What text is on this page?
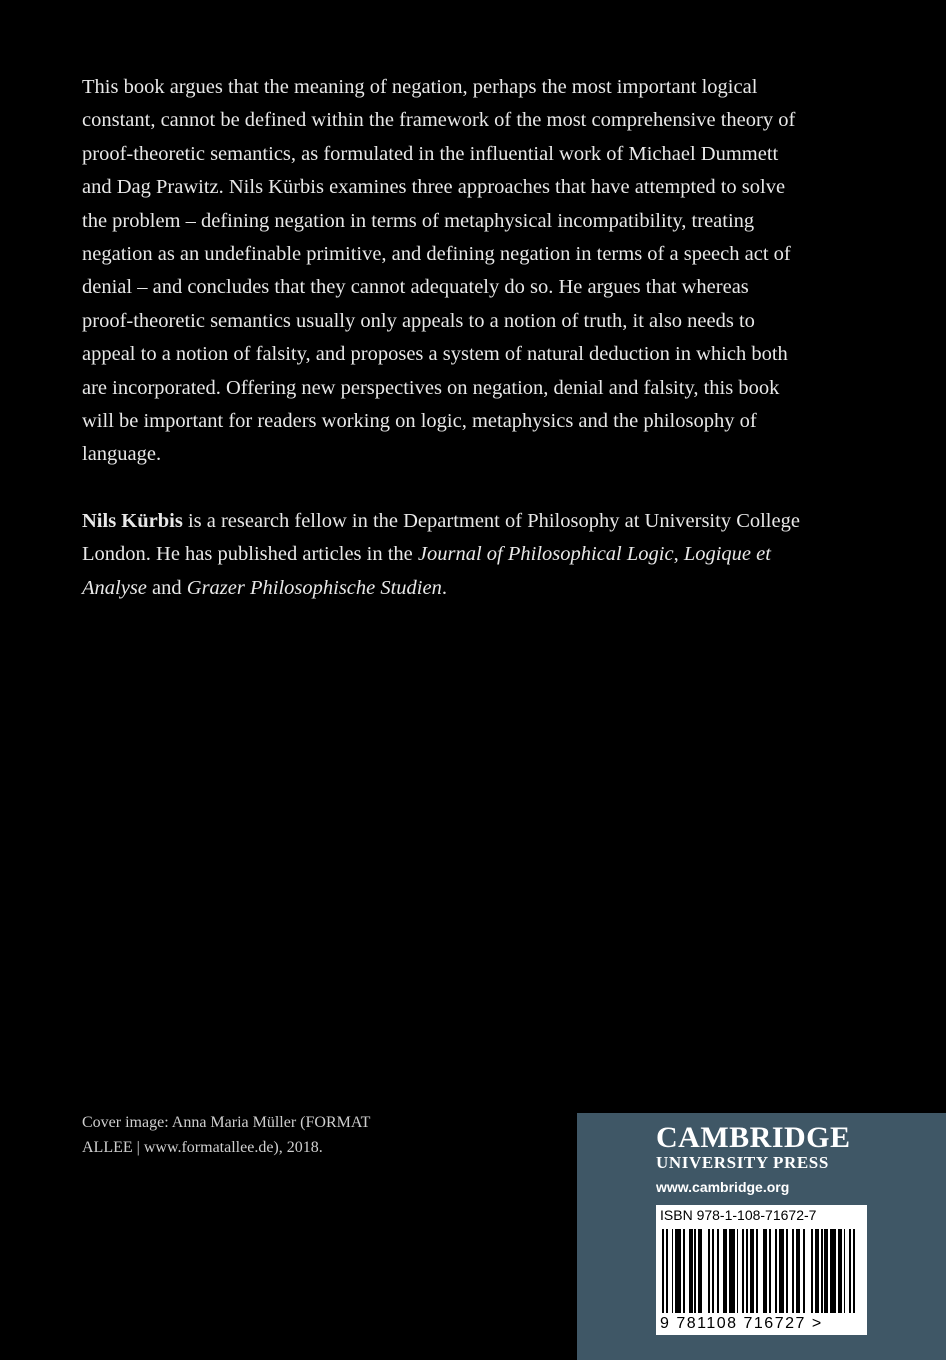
This book argues that the meaning of negation, perhaps the most important logical constant, cannot be defined within the framework of the most comprehensive theory of proof-theoretic semantics, as formulated in the influential work of Michael Dummett and Dag Prawitz. Nils Kürbis examines three approaches that have attempted to solve the problem – defining negation in terms of metaphysical incompatibility, treating negation as an undefinable primitive, and defining negation in terms of a speech act of denial – and concludes that they cannot adequately do so. He argues that whereas proof-theoretic semantics usually only appeals to a notion of truth, it also needs to appeal to a notion of falsity, and proposes a system of natural deduction in which both are incorporated. Offering new perspectives on negation, denial and falsity, this book will be important for readers working on logic, metaphysics and the philosophy of language.

Nils Kürbis is a research fellow in the Department of Philosophy at University College London. He has published articles in the Journal of Philosophical Logic, Logique et Analyse and Grazer Philosophische Studien.

Cover image: Anna Maria Müller (FORMAT ALLEE | www.formatallee.de), 2018.	CAMBRIDGE
UNIVERSITY PRESS
www.cambridge.org
ISBN 978-1-108-71672-7
9 781108 716727 >
